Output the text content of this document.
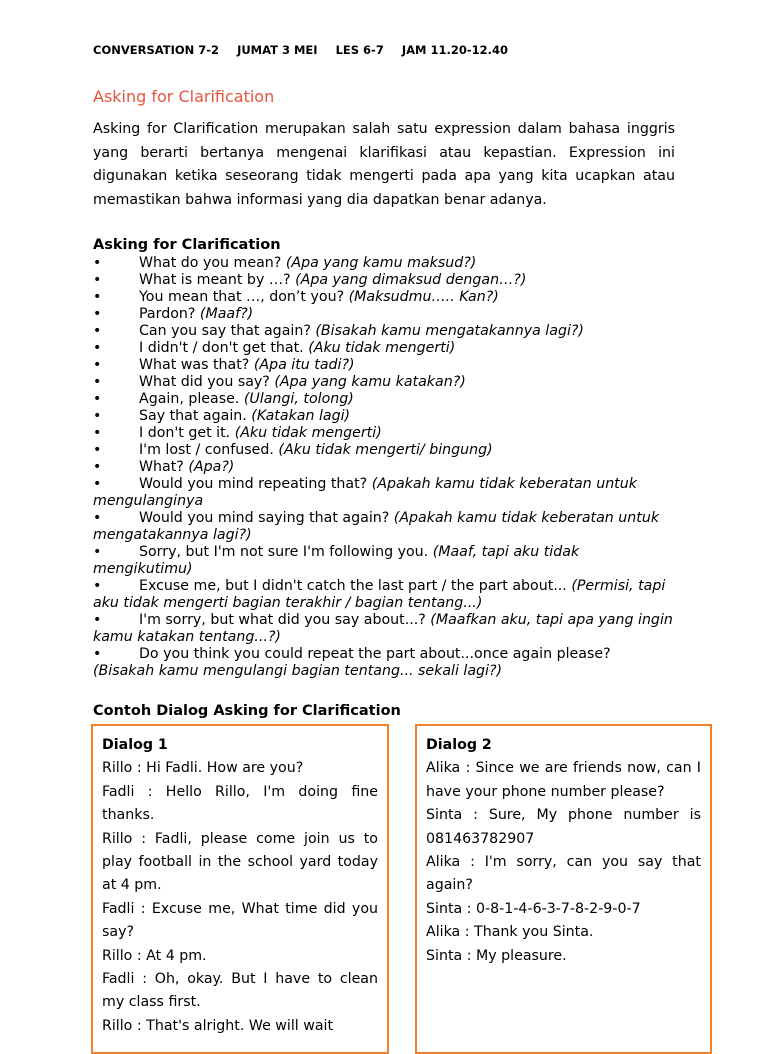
CONVERSATION 7-2 JUMAT 3 MEI LES 6-7 JAM 11.20-12.40
Asking for Clarification
Asking for Clarification merupakan salah satu expression dalam bahasa inggris yang berarti bertanya mengenai klarifikasi atau kepastian. Expression ini digunakan ketika seseorang tidak mengerti pada apa yang kita ucapkan atau memastikan bahwa informasi yang dia dapatkan benar adanya.
Asking for Clarification
•	What do you mean? (Apa yang kamu maksud?)
•	What is meant by …? (Apa yang dimaksud dengan…?)
•	You mean that …, don’t you? (Maksudmu….. Kan?)
•	Pardon? (Maaf?)
•	Can you say that again? (Bisakah kamu mengatakannya lagi?)
•	I didn't / don't get that. (Aku tidak mengerti)
•	What was that? (Apa itu tadi?)
•	What did you say? (Apa yang kamu katakan?)
•	Again, please. (Ulangi, tolong)
•	Say that again. (Katakan lagi)
•	I don't get it. (Aku tidak mengerti)
•	I'm lost / confused. (Aku tidak mengerti/ bingung)
•	What? (Apa?)
•	Would you mind repeating that? (Apakah kamu tidak keberatan untuk mengulanginya
•	Would you mind saying that again? (Apakah kamu tidak keberatan untuk mengatakannya lagi?)
•	Sorry, but I'm not sure I'm following you. (Maaf, tapi aku tidak mengikutimu)
•	Excuse me, but I didn't catch the last part / the part about... (Permisi, tapi aku tidak mengerti bagian terakhir / bagian tentang...)
•	I'm sorry, but what did you say about...? (Maafkan aku, tapi apa yang ingin kamu katakan tentang...?)
•	Do you think you could repeat the part about...once again please? (Bisakah kamu mengulangi bagian tentang... sekali lagi?)
Contoh Dialog Asking for Clarification

Dialog 1

Rillo : Hi Fadli. How are you?

Fadli : Hello Rillo, I'm doing fine thanks.

Rillo : Fadli, please come join us to play football in the school yard today at 4 pm.

Fadli : Excuse me, What time did you say?

Rillo : At 4 pm.

Fadli : Oh, okay. But I have to clean my class first.

Rillo : That's alright. We will wait

Dialog 2

Alika : Since we are friends now, can I have your phone number please?

Sinta : Sure, My phone number is 081463782907

Alika : I'm sorry, can you say that again?

Sinta : 0-8-1-4-6-3-7-8-2-9-0-7

Alika : Thank you Sinta.

Sinta : My pleasure.
